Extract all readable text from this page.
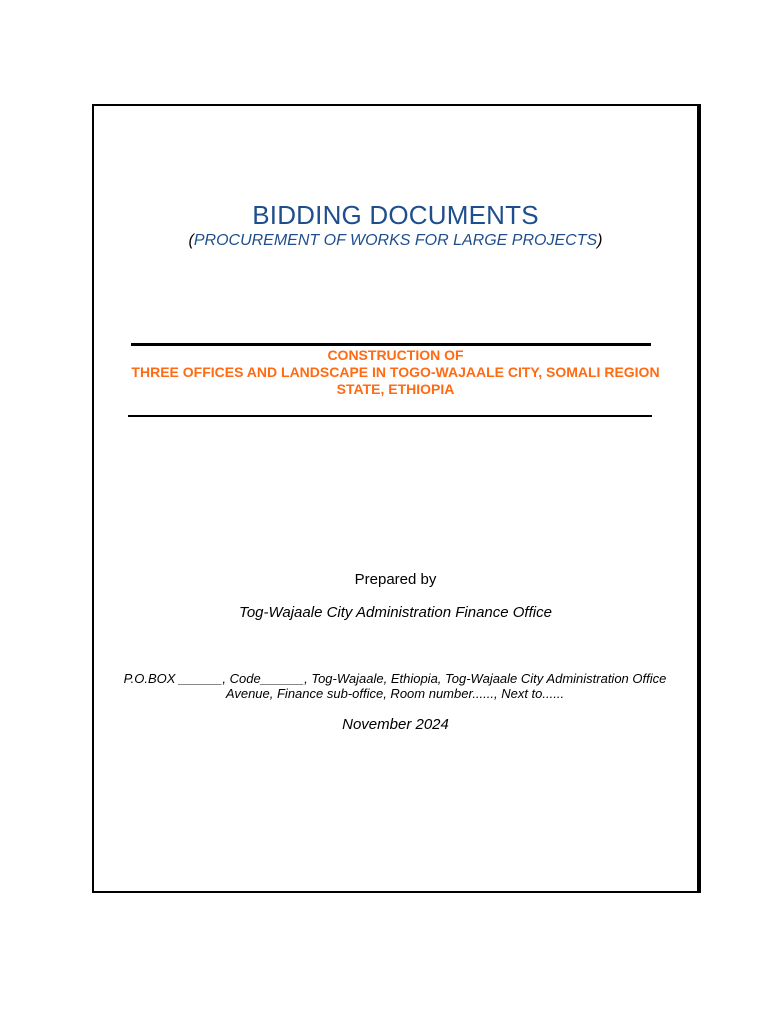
BIDDING DOCUMENTS
(PROCUREMENT OF WORKS FOR LARGE PROJECTS)
CONSTRUCTION OF
THREE OFFICES AND LANDSCAPE IN TOGO-WAJAALE CITY, SOMALI REGION
STATE, ETHIOPIA
Prepared by
Tog-Wajaale City Administration Finance Office
P.O.BOX ______, Code______, Tog-Wajaale, Ethiopia, Tog-Wajaale City Administration Office
Avenue, Finance sub-office, Room number......, Next to......
November 2024
